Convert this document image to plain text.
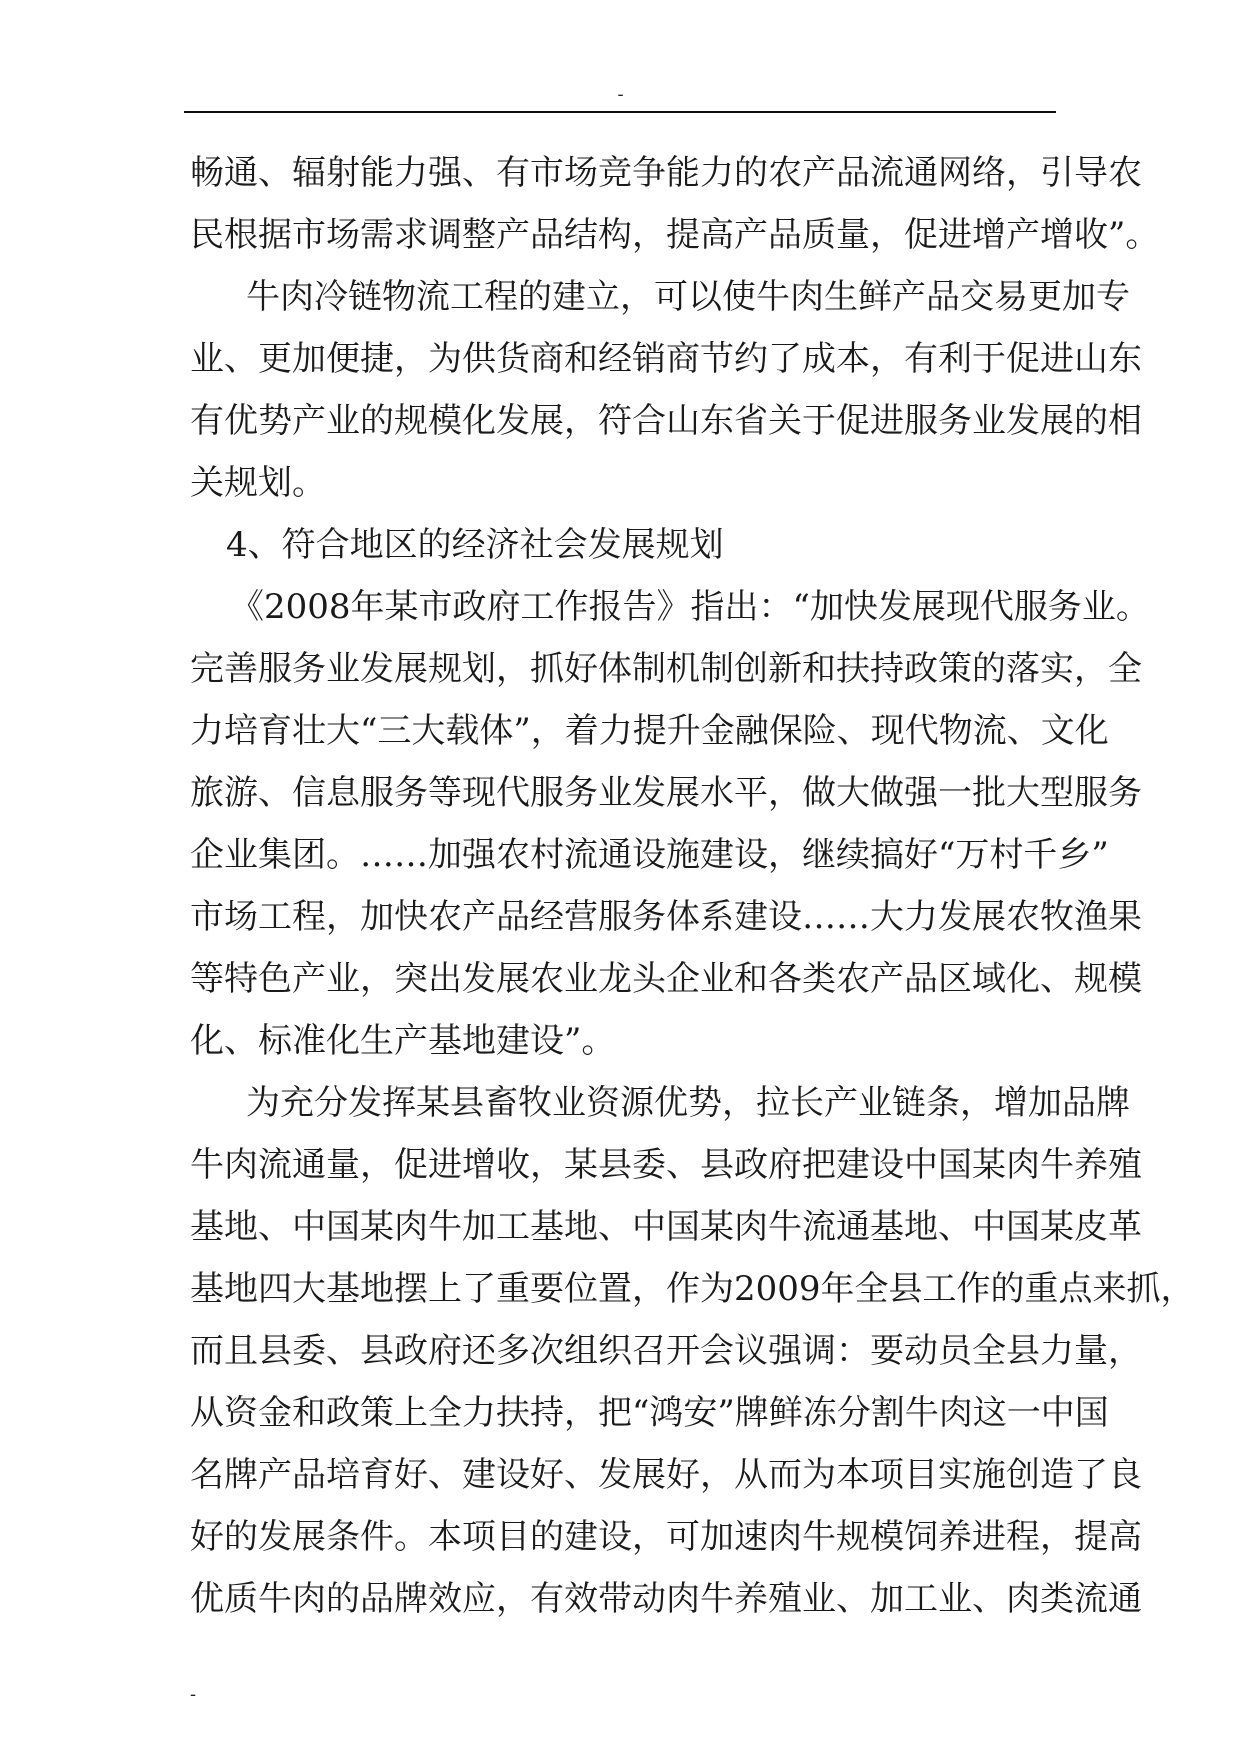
-
畅通、辐射能力强、有市场竞争能力的农产品流通网络，引导农
民根据市场需求调整产品结构，提高产品质量，促进增产增收”。
牛肉冷链物流工程的建立，可以使牛肉生鲜产品交易更加专
业、更加便捷，为供货商和经销商节约了成本，有利于促进山东
有优势产业的规模化发展，符合山东省关于促进服务业发展的相
关规划。
4、符合地区的经济社会发展规划
《2008年某市政府工作报告》指出：“加快发展现代服务业。
完善服务业发展规划，抓好体制机制创新和扶持政策的落实，全
力培育壮大“三大载体”，着力提升金融保险、现代物流、文化
旅游、信息服务等现代服务业发展水平，做大做强一批大型服务
企业集团。……加强农村流通设施建设，继续搞好“万村千乡”
市场工程，加快农产品经营服务体系建设……大力发展农牧渔果
等特色产业，突出发展农业龙头企业和各类农产品区域化、规模
化、标准化生产基地建设”。
为充分发挥某县畜牧业资源优势，拉长产业链条，增加品牌
牛肉流通量，促进增收，某县委、县政府把建设中国某肉牛养殖
基地、中国某肉牛加工基地、中国某肉牛流通基地、中国某皮革
基地四大基地摆上了重要位置，作为2009年全县工作的重点来抓，
而且县委、县政府还多次组织召开会议强调：要动员全县力量，
从资金和政策上全力扶持，把“鸿安”牌鲜冻分割牛肉这一中国
名牌产品培育好、建设好、发展好，从而为本项目实施创造了良
好的发展条件。本项目的建设，可加速肉牛规模饲养进程，提高
优质牛肉的品牌效应，有效带动肉牛养殖业、加工业、肉类流通
-
